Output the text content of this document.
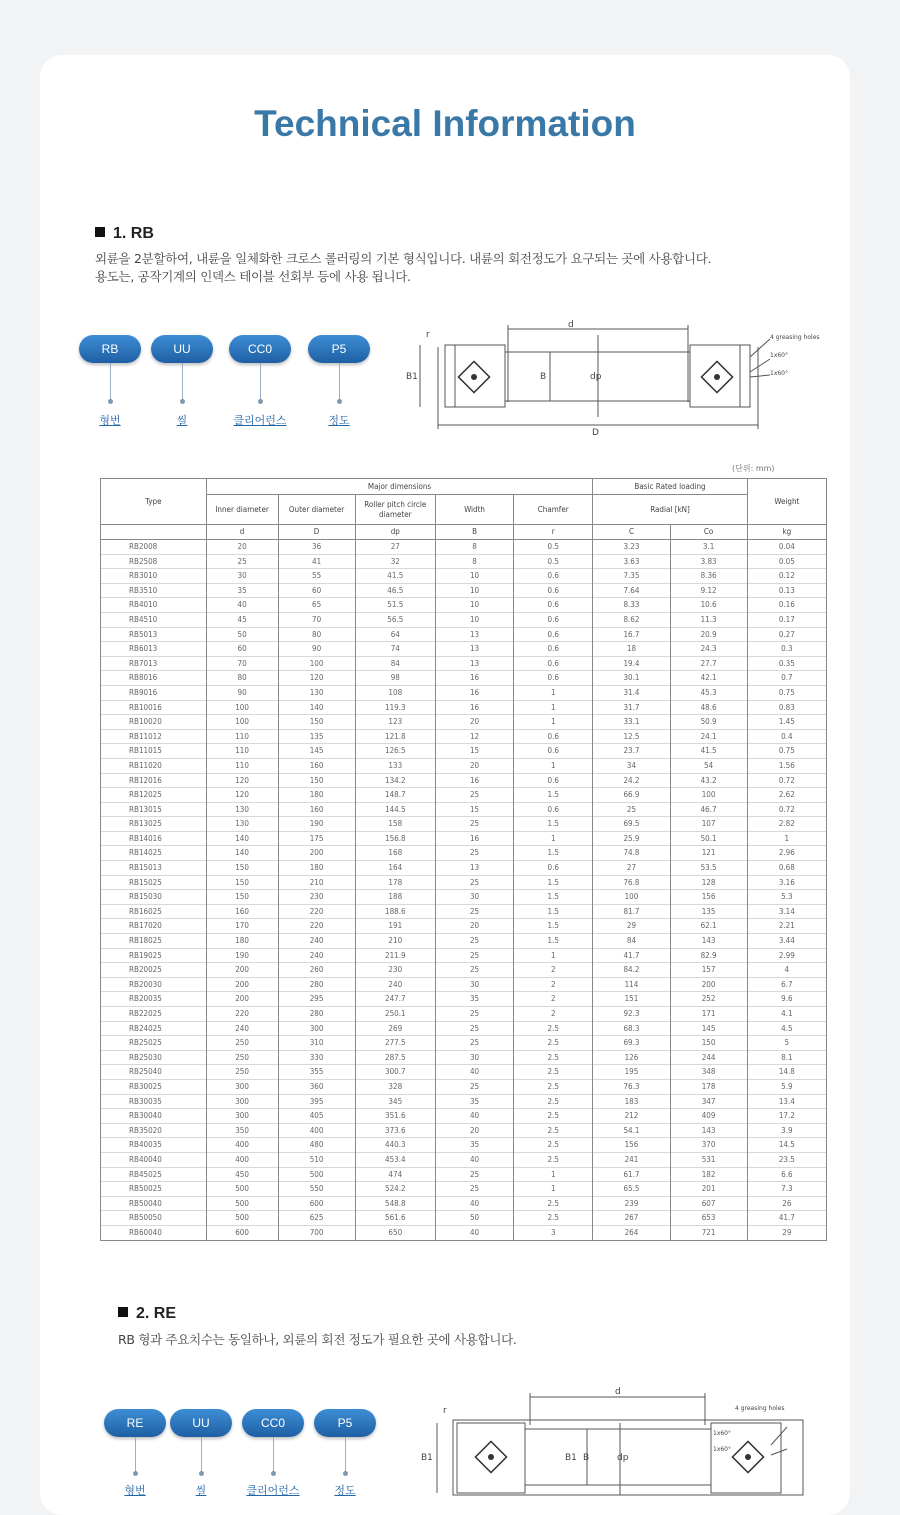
Technical Information
1. RB
외륜을 2분할하여, 내륜을 일체화한 크로스 롤러링의 기본 형식입니다. 내륜의 회전정도가 요구되는 곳에 사용합니다.
용도는, 공작기계의 인덱스 테이블 선회부 등에 사용 됩니다.
RB	UU	CC0	P5
형번	씰	클리어런스	정도
d
D
B1	B	dp
r	4 greasing holes
1x60°
1x60°
(단위: mm)
Type	Major dimensions					Basic Rated loading		Weight
	Inner diameter	Outer diameter	Roller pitch circle diameter	Width	Chamfer	Radial [kN]		
	d	D	dp	B	r	C	Co	kg
RB2008	20	36	27	8	0.5	3.23	3.1	0.04
RB2508	25	41	32	8	0.5	3.63	3.83	0.05
RB3010	30	55	41.5	10	0.6	7.35	8.36	0.12
RB3510	35	60	46.5	10	0.6	7.64	9.12	0.13
RB4010	40	65	51.5	10	0.6	8.33	10.6	0.16
RB4510	45	70	56.5	10	0.6	8.62	11.3	0.17
RB5013	50	80	64	13	0.6	16.7	20.9	0.27
RB6013	60	90	74	13	0.6	18	24.3	0.3
RB7013	70	100	84	13	0.6	19.4	27.7	0.35
RB8016	80	120	98	16	0.6	30.1	42.1	0.7
RB9016	90	130	108	16	1	31.4	45.3	0.75
RB10016	100	140	119.3	16	1	31.7	48.6	0.83
RB10020	100	150	123	20	1	33.1	50.9	1.45
RB11012	110	135	121.8	12	0.6	12.5	24.1	0.4
RB11015	110	145	126.5	15	0.6	23.7	41.5	0.75
RB11020	110	160	133	20	1	34	54	1.56
RB12016	120	150	134.2	16	0.6	24.2	43.2	0.72
RB12025	120	180	148.7	25	1.5	66.9	100	2.62
RB13015	130	160	144.5	15	0.6	25	46.7	0.72
RB13025	130	190	158	25	1.5	69.5	107	2.82
RB14016	140	175	156.8	16	1	25.9	50.1	1
RB14025	140	200	168	25	1.5	74.8	121	2.96
RB15013	150	180	164	13	0.6	27	53.5	0.68
RB15025	150	210	178	25	1.5	76.8	128	3.16
RB15030	150	230	188	30	1.5	100	156	5.3
RB16025	160	220	188.6	25	1.5	81.7	135	3.14
RB17020	170	220	191	20	1.5	29	62.1	2.21
RB18025	180	240	210	25	1.5	84	143	3.44
RB19025	190	240	211.9	25	1	41.7	82.9	2.99
RB20025	200	260	230	25	2	84.2	157	4
RB20030	200	280	240	30	2	114	200	6.7
RB20035	200	295	247.7	35	2	151	252	9.6
RB22025	220	280	250.1	25	2	92.3	171	4.1
RB24025	240	300	269	25	2.5	68.3	145	4.5
RB25025	250	310	277.5	25	2.5	69.3	150	5
RB25030	250	330	287.5	30	2.5	126	244	8.1
RB25040	250	355	300.7	40	2.5	195	348	14.8
RB30025	300	360	328	25	2.5	76.3	178	5.9
RB30035	300	395	345	35	2.5	183	347	13.4
RB30040	300	405	351.6	40	2.5	212	409	17.2
RB35020	350	400	373.6	20	2.5	54.1	143	3.9
RB40035	400	480	440.3	35	2.5	156	370	14.5
RB40040	400	510	453.4	40	2.5	241	531	23.5
RB45025	450	500	474	25	1	61.7	182	6.6
RB50025	500	550	524.2	25	1	65.5	201	7.3
RB50040	500	600	548.8	40	2.5	239	607	26
RB50050	500	625	561.6	50	2.5	267	653	41.7
RB60040	600	700	650	40	3	264	721	29
2. RE
RB 형과 주요치수는 동일하나, 외륜의 회전 정도가 필요한 곳에 사용합니다.
RE	UU	CC0	P5
형번	씰	클리어런스	정도
d
B1	B1 B	dp
r	4 greasing holes
1x60°
1x60°
